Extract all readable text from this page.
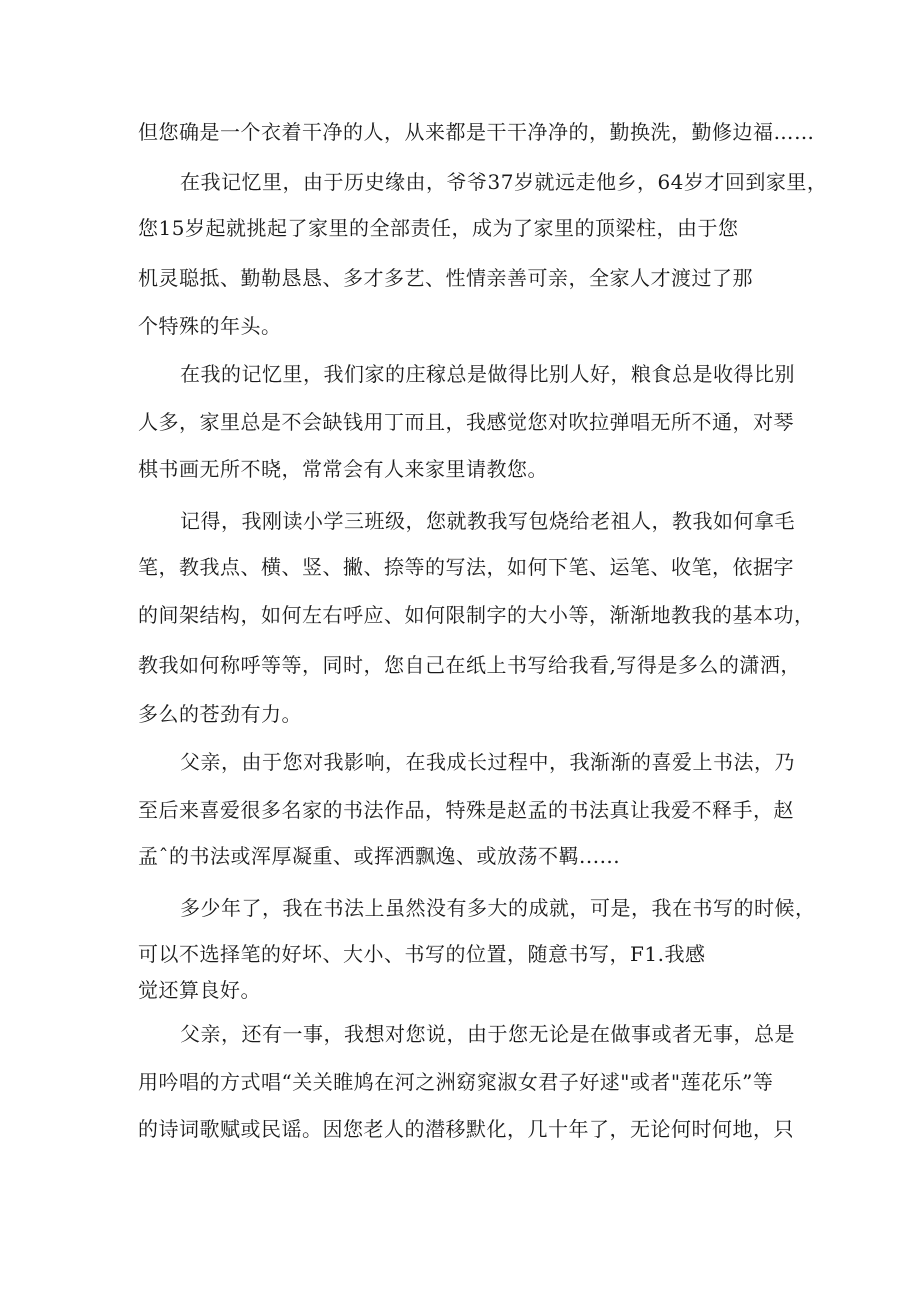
但您确是一个衣着干净的人，从来都是干干净净的，勤换洗，勤修边福……
在我记忆里，由于历史缘由，爷爷37岁就远走他乡，64岁才回到家里，
您15岁起就挑起了家里的全部责任，成为了家里的顶梁柱，由于您
机灵聪抵、勤勒恳恳、多才多艺、性情亲善可亲，全家人才渡过了那
个特殊的年头。
在我的记忆里，我们家的庄稼总是做得比别人好，粮食总是收得比别
人多，家里总是不会缺钱用丁而且，我感觉您对吹拉弹唱无所不通，对琴
棋书画无所不晓，常常会有人来家里请教您。
记得，我刚读小学三班级，您就教我写包烧给老祖人，教我如何拿毛
笔，教我点、横、竖、撇、捺等的写法，如何下笔、运笔、收笔，依据字
的间架结构，如何左右呼应、如何限制字的大小等，渐渐地教我的基本功，
教我如何称呼等等，同时，您自己在纸上书写给我看,写得是多么的潇洒，
多么的苍劲有力。
父亲，由于您对我影响，在我成长过程中，我渐渐的喜爱上书法，乃
至后来喜爱很多名家的书法作品，特殊是赵孟的书法真让我爱不释手，赵
孟ˆ的书法或浑厚凝重、或挥洒飘逸、或放荡不羁......
多少年了，我在书法上虽然没有多大的成就，可是，我在书写的时候，
可以不选择笔的好坏、大小、书写的位置，随意书写，F1.我感
觉还算良好。
父亲，还有一事，我想对您说，由于您无论是在做事或者无事，总是
用吟唱的方式唱“关关睢鸠在河之洲窈窕淑女君子好逑"或者"莲花乐”等
的诗词歌赋或民谣。因您老人的潜移默化，几十年了，无论何时何地，只
